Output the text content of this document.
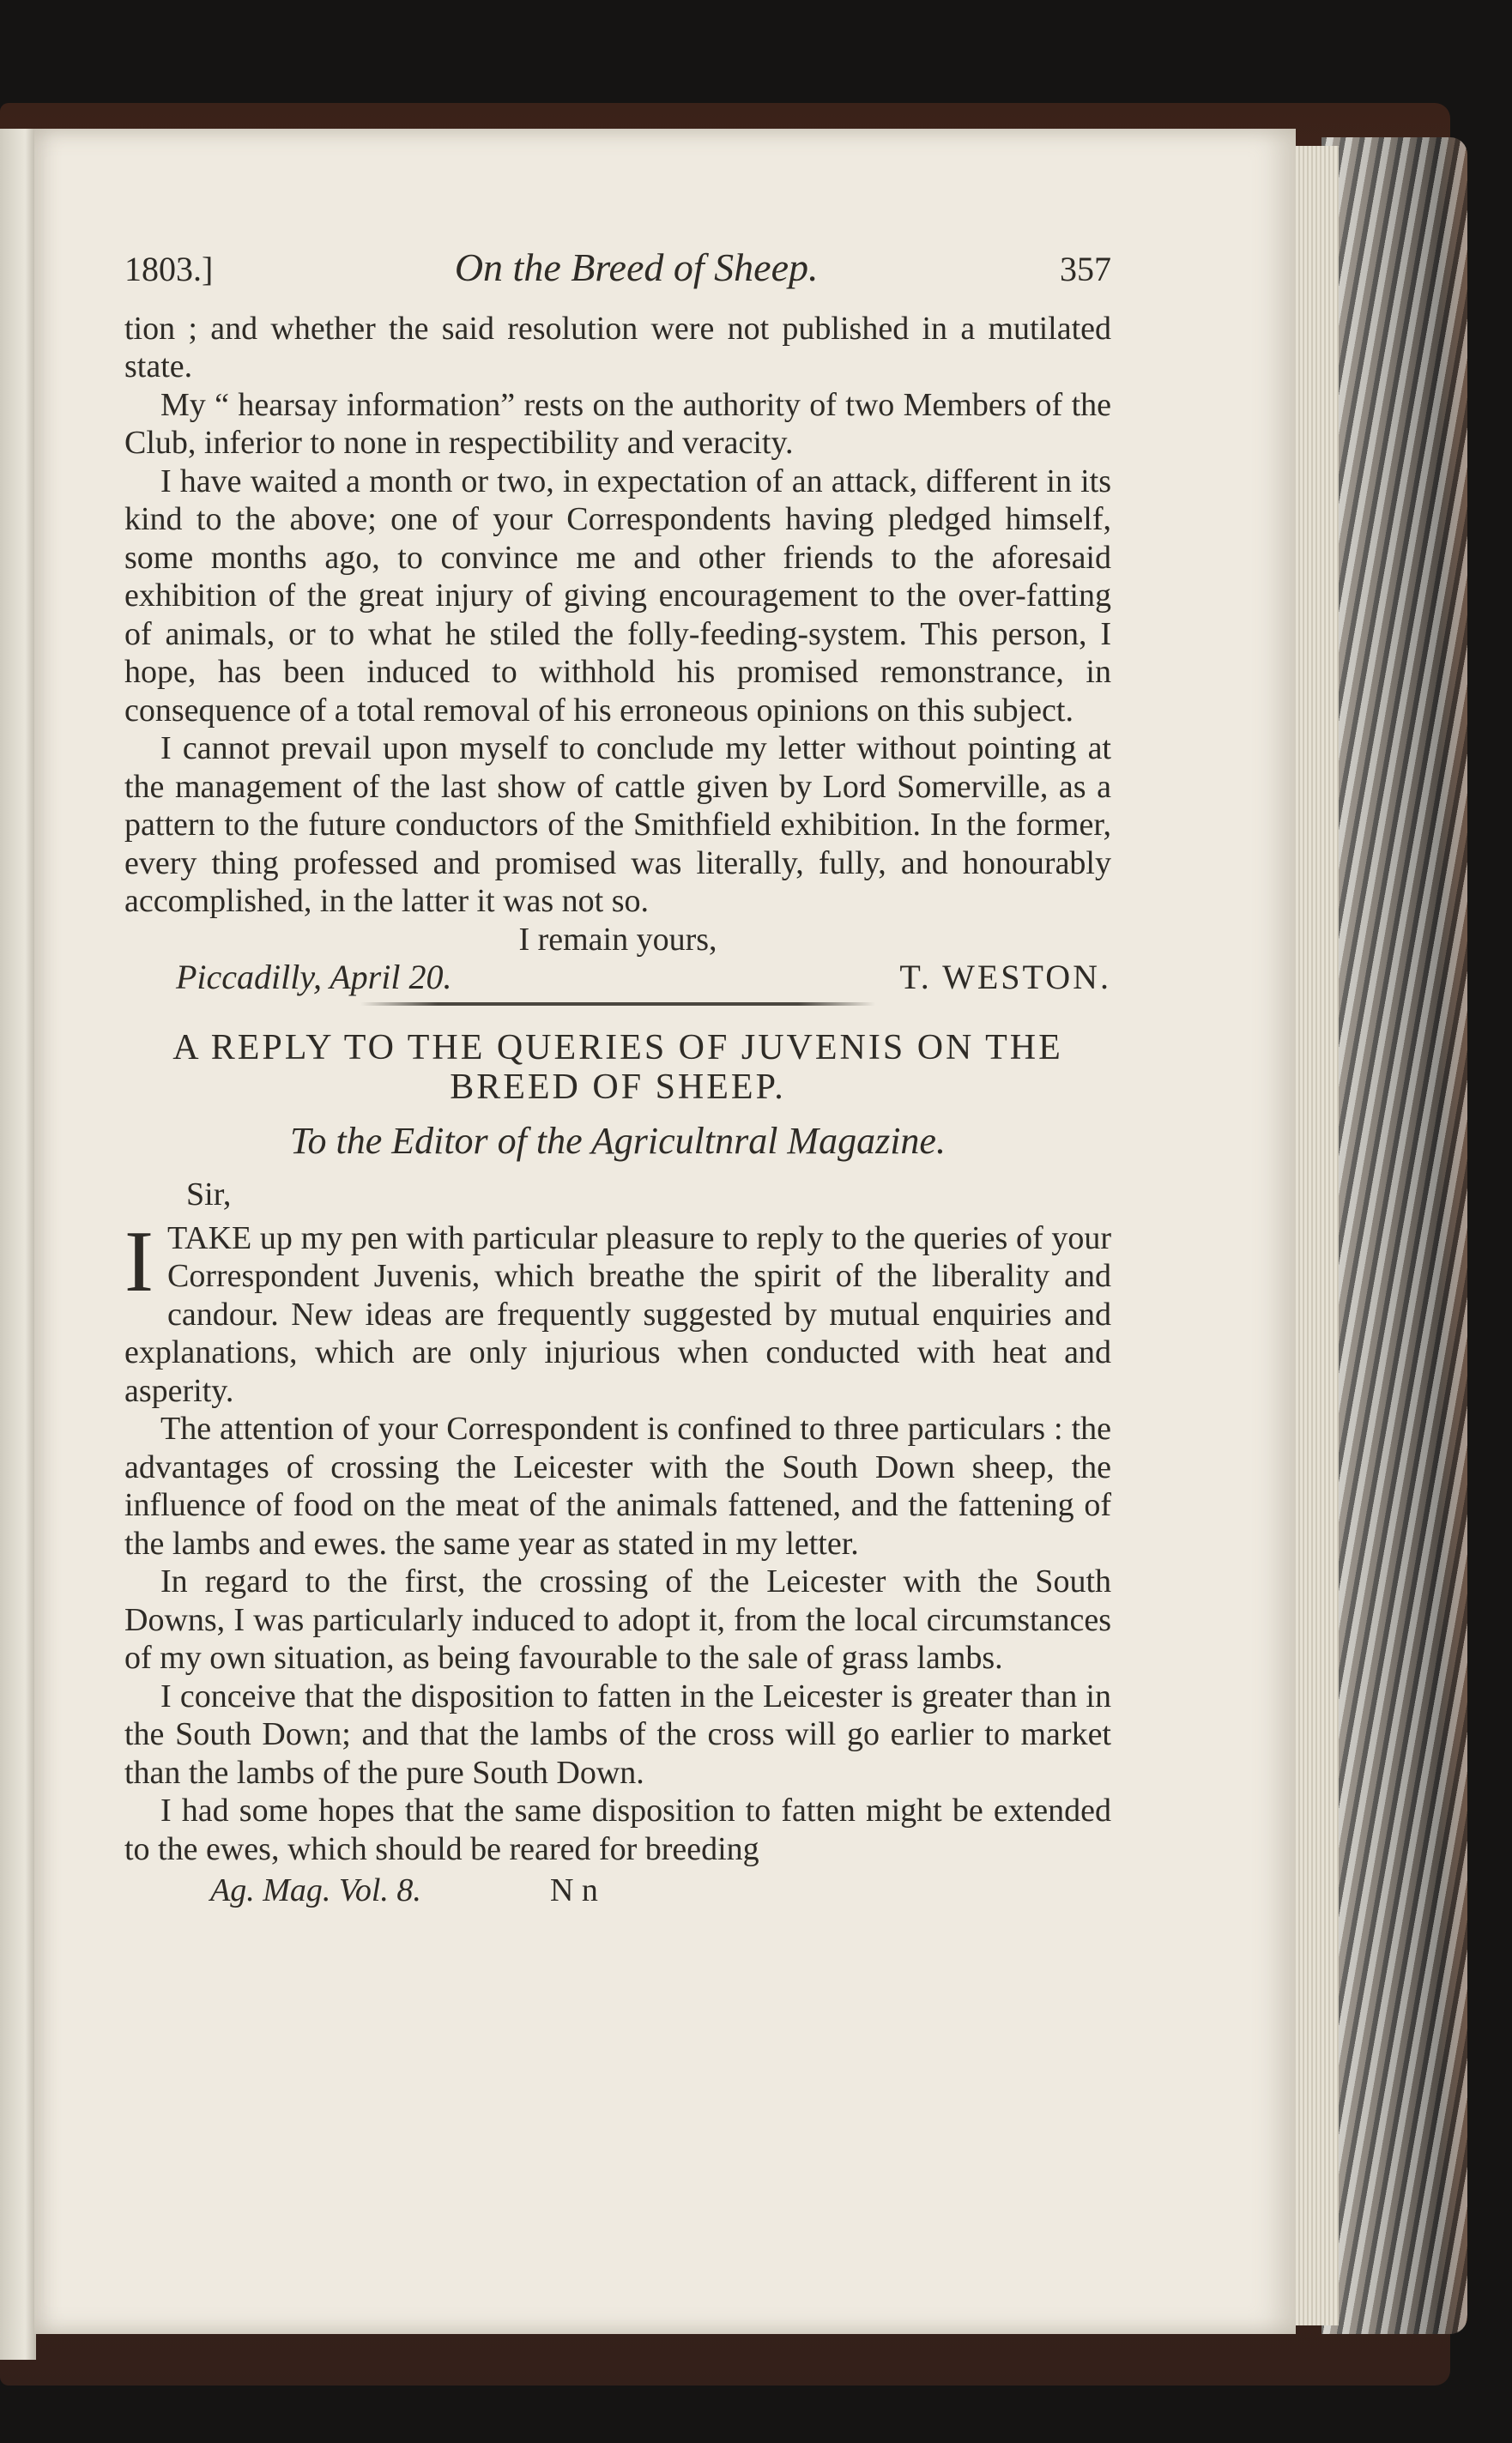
1803.]	On the Breed of Sheep.	357

tion ; and whether the said resolution were not published in a mutilated state.

My “ hearsay information” rests on the authority of two Members of the Club, inferior to none in respectibility and veracity.

I have waited a month or two, in expectation of an attack, different in its kind to the above; one of your Correspondents having pledged himself, some months ago, to convince me and other friends to the aforesaid exhibition of the great injury of giving encouragement to the over-fatting of animals, or to what he stiled the folly-feeding-system. This person, I hope, has been induced to withhold his promised remonstrance, in consequence of a total removal of his erroneous opinions on this subject.

I cannot prevail upon myself to conclude my letter without pointing at the management of the last show of cattle given by Lord Somerville, as a pattern to the future conductors of the Smithfield exhibition. In the former, every thing professed and promised was literally, fully, and honourably accomplished, in the latter it was not so.

I remain yours,

Piccadilly, April 20.	T. WESTON.

A REPLY TO THE QUERIES OF JUVENIS ON THE BREED OF SHEEP.

To the Editor of the Agricultnral Magazine.

Sir,

I TAKE up my pen with particular pleasure to reply to the queries of your Correspondent Juvenis, which breathe the spirit of the liberality and candour. New ideas are frequently suggested by mutual enquiries and explanations, which are only injurious when conducted with heat and asperity.

The attention of your Correspondent is confined to three particulars : the advantages of crossing the Leicester with the South Down sheep, the influence of food on the meat of the animals fattened, and the fattening of the lambs and ewes. the same year as stated in my letter.

In regard to the first, the crossing of the Leicester with the South Downs, I was particularly induced to adopt it, from the local circumstances of my own situation, as being favourable to the sale of grass lambs.

I conceive that the disposition to fatten in the Leicester is greater than in the South Down; and that the lambs of the cross will go earlier to market than the lambs of the pure South Down.

I had some hopes that the same disposition to fatten might be extended to the ewes, which should be reared for breeding

Ag. Mag. Vol. 8.	N n
